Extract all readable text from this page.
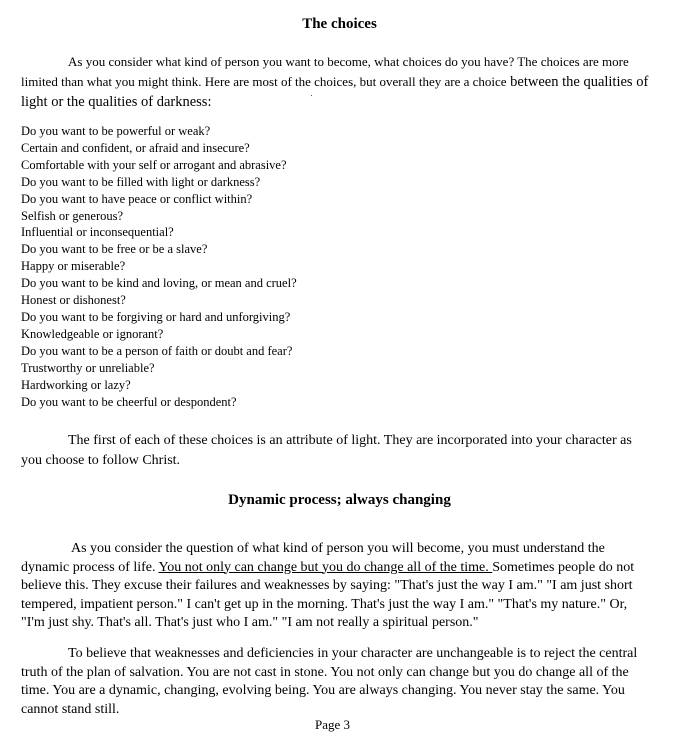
The choices

As you consider what kind of person you want to become, what choices do you have? The choices are more limited than what you might think. Here are most of the choices, but overall they are a choice between the qualities of light or the qualities of darkness:

Do you want to be powerful or weak?
Certain and confident, or afraid and insecure?
Comfortable with your self or arrogant and abrasive?
Do you want to be filled with light or darkness?
Do you want to have peace or conflict within?
Selfish or generous?
Influential or inconsequential?
Do you want to be free or be a slave?
Happy or miserable?
Do you want to be kind and loving, or mean and cruel?
Honest or dishonest?
Do you want to be forgiving or hard and unforgiving?
Knowledgeable or ignorant?
Do you want to be a person of faith or doubt and fear?
Trustworthy or unreliable?
Hardworking or lazy?
Do you want to be cheerful or despondent?

The first of each of these choices is an attribute of light. They are incorporated into your character as you choose to follow Christ.

Dynamic process; always changing

As you consider the question of what kind of person you will become, you must understand the dynamic process of life. You not only can change but you do change all of the time. Sometimes people do not believe this. They excuse their failures and weaknesses by saying: "That's just the way I am." "I am just short tempered, impatient person." I can't get up in the morning. That's just the way I am." "That's my nature." Or, "I'm just shy. That's all. That's just who I am." "I am not really a spiritual person."

To believe that weaknesses and deficiencies in your character are unchangeable is to reject the central truth of the plan of salvation. You are not cast in stone. You not only can change but you do change all of the time. You are a dynamic, changing, evolving being. You are always changing. You never stay the same. You cannot stand still.

Page 3
